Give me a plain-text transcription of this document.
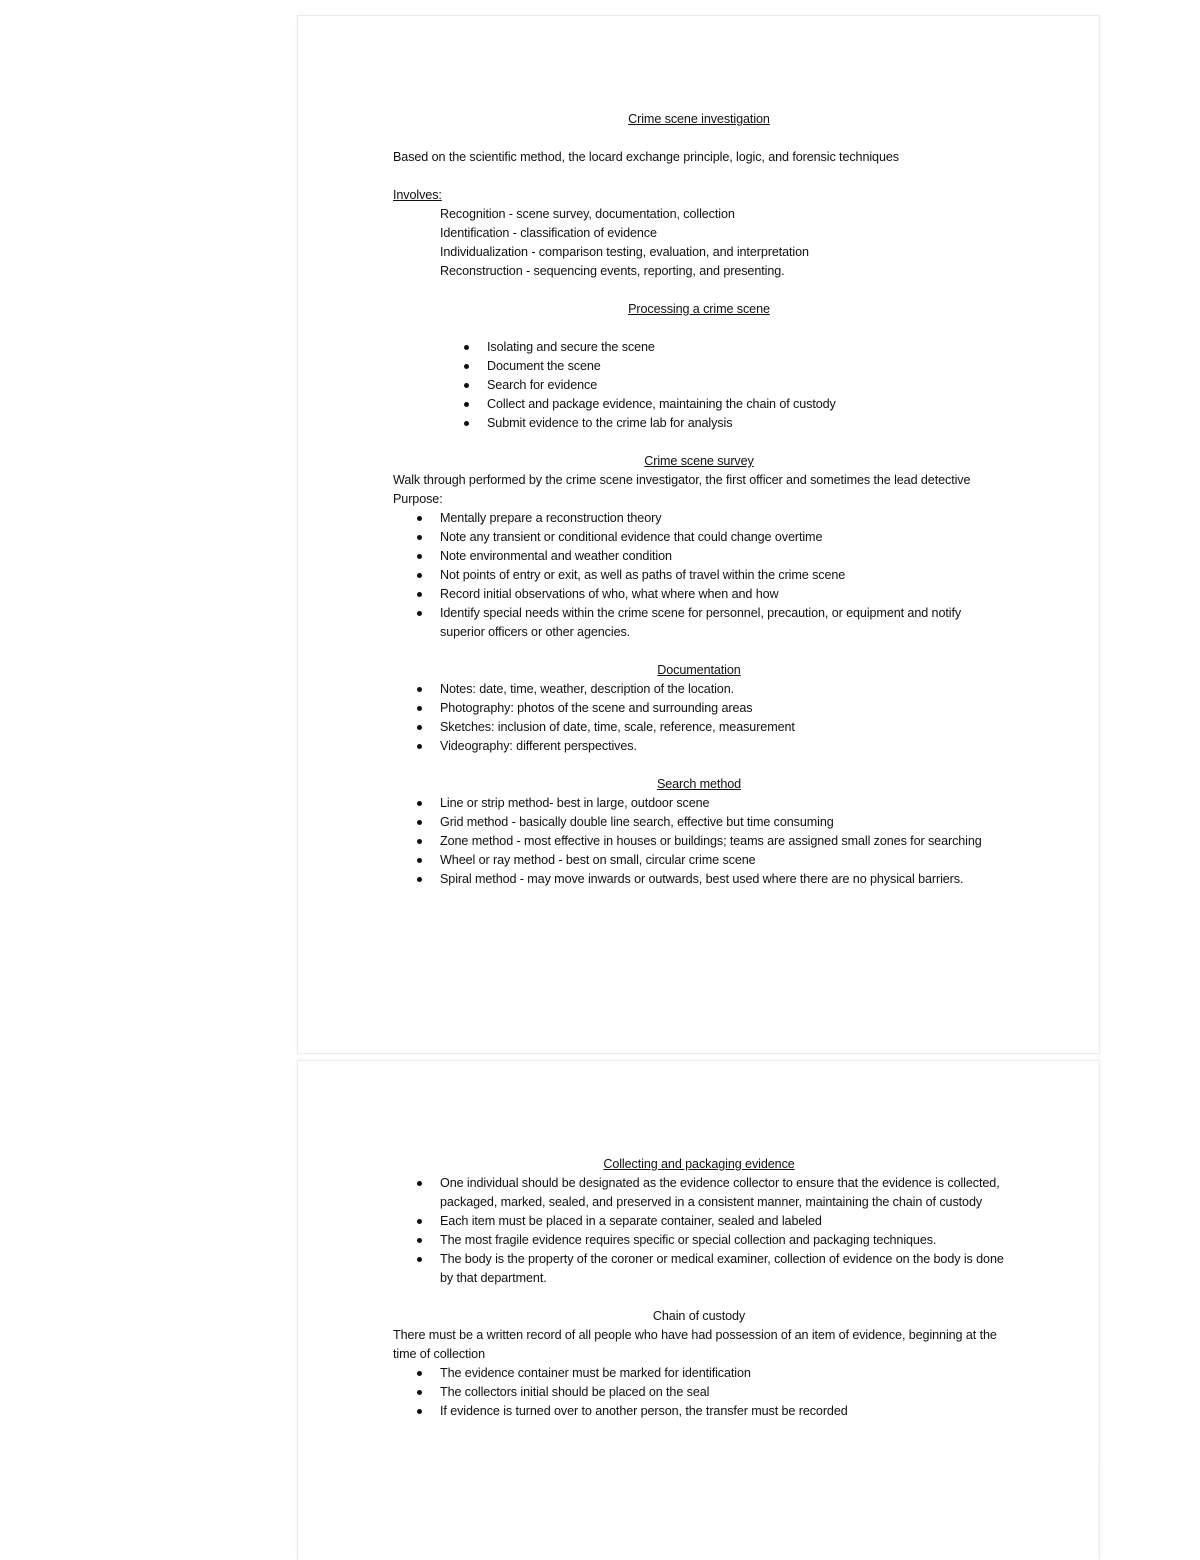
Crime scene investigation

Based on the scientific method, the locard exchange principle, logic, and forensic techniques

Involves:

Recognition - scene survey, documentation, collection
Identification - classification of evidence
Individualization - comparison testing, evaluation, and interpretation
Reconstruction - sequencing events, reporting, and presenting.

Processing a crime scene

Isolating and secure the scene
Document the scene
Search for evidence
Collect and package evidence, maintaining the chain of custody
Submit evidence to the crime lab for analysis

Crime scene survey

Walk through performed by the crime scene investigator, the first officer and sometimes the lead detective

Purpose:

Mentally prepare a reconstruction theory
Note any transient or conditional evidence that could change overtime
Note environmental and weather condition
Not points of entry or exit, as well as paths of travel within the crime scene
Record initial observations of who, what where when and how
Identify special needs within the crime scene for personnel, precaution, or equipment and notify superior officers or other agencies.

Documentation

Notes: date, time, weather, description of the location.
Photography: photos of the scene and surrounding areas
Sketches: inclusion of date, time, scale, reference, measurement
Videography: different perspectives.

Search method

Line or strip method- best in large, outdoor scene
Grid method - basically double line search, effective but time consuming
Zone method - most effective in houses or buildings; teams are assigned small zones for searching
Wheel or ray method - best on small, circular crime scene
Spiral method - may move inwards or outwards, best used where there are no physical barriers.

Collecting and packaging evidence

One individual should be designated as the evidence collector to ensure that the evidence is collected, packaged, marked, sealed, and preserved in a consistent manner, maintaining the chain of custody
Each item must be placed in a separate container, sealed and labeled
The most fragile evidence requires specific or special collection and packaging techniques.
The body is the property of the coroner or medical examiner, collection of evidence on the body is done by that department.

Chain of custody

There must be a written record of all people who have had possession of an item of evidence, beginning at the time of collection

The evidence container must be marked for identification
The collectors initial should be placed on the seal
If evidence is turned over to another person, the transfer must be recorded
